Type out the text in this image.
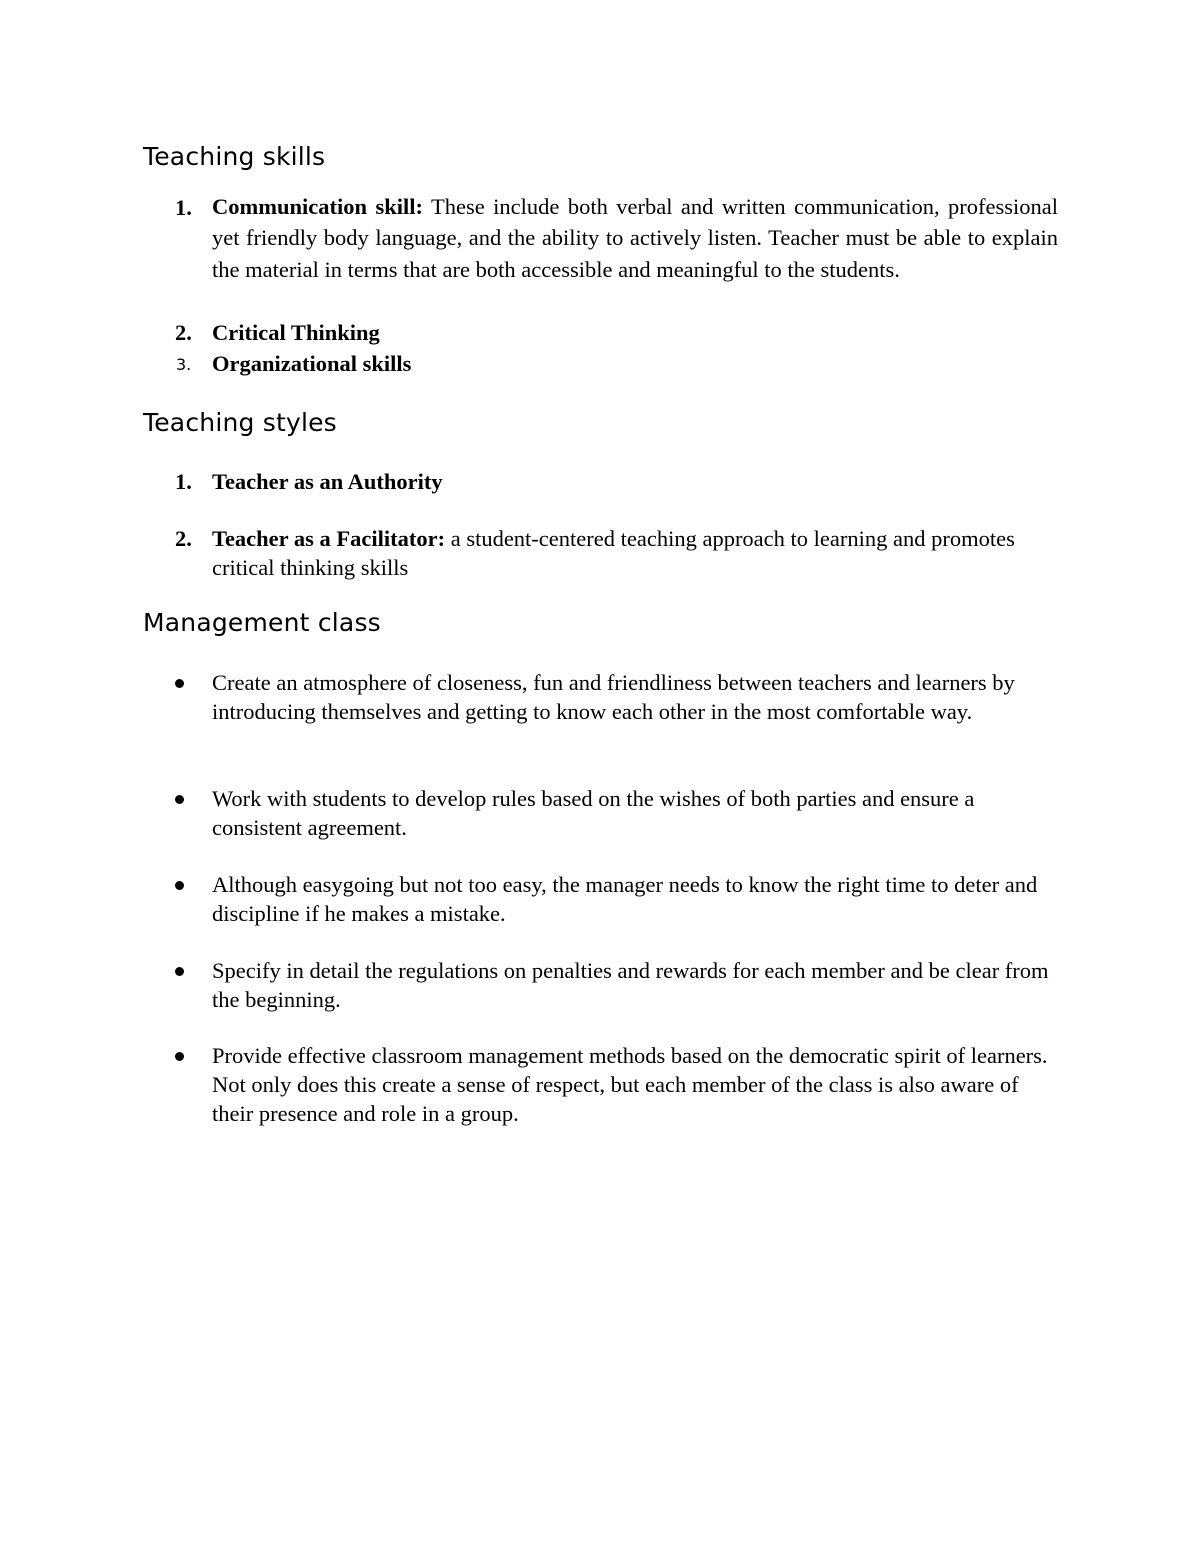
Teaching skills
1. Communication skill: These include both verbal and written communication, professional yet friendly body language, and the ability to actively listen. Teacher must be able to explain the material in terms that are both accessible and meaningful to the students.
2. Critical Thinking
3. Organizational skills
Teaching styles
1. Teacher as an Authority
2. Teacher as a Facilitator: a student-centered teaching approach to learning and promotes critical thinking skills
Management class
Create an atmosphere of closeness, fun and friendliness between teachers and learners by introducing themselves and getting to know each other in the most comfortable way.
Work with students to develop rules based on the wishes of both parties and ensure a consistent agreement.
Although easygoing but not too easy, the manager needs to know the right time to deter and discipline if he makes a mistake.
Specify in detail the regulations on penalties and rewards for each member and be clear from the beginning.
Provide effective classroom management methods based on the democratic spirit of learners. Not only does this create a sense of respect, but each member of the class is also aware of their presence and role in a group.
